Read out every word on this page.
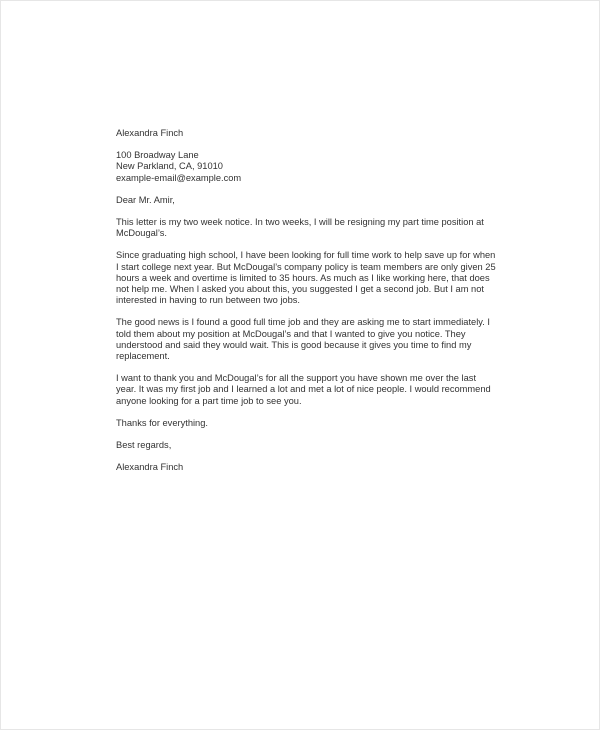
Alexandra Finch

100 Broadway Lane

New Parkland, CA, 91010

example-email@example.com

Dear Mr. Amir,

This letter is my two week notice. In two weeks, I will be resigning my part time position at McDougal’s.

Since graduating high school, I have been looking for full time work to help save up for when I start college next year. But McDougal’s company policy is team members are only given 25 hours a week and overtime is limited to 35 hours. As much as I like working here, that does not help me. When I asked you about this, you suggested I get a second job. But I am not interested in having to run between two jobs.

The good news is I found a good full time job and they are asking me to start immediately. I told them about my position at McDougal’s and that I wanted to give you notice. They understood and said they would wait. This is good because it gives you time to find my replacement.

I want to thank you and McDougal’s for all the support you have shown me over the last year. It was my first job and I learned a lot and met a lot of nice people. I would recommend anyone looking for a part time job to see you.

Thanks for everything.

Best regards,

Alexandra Finch
